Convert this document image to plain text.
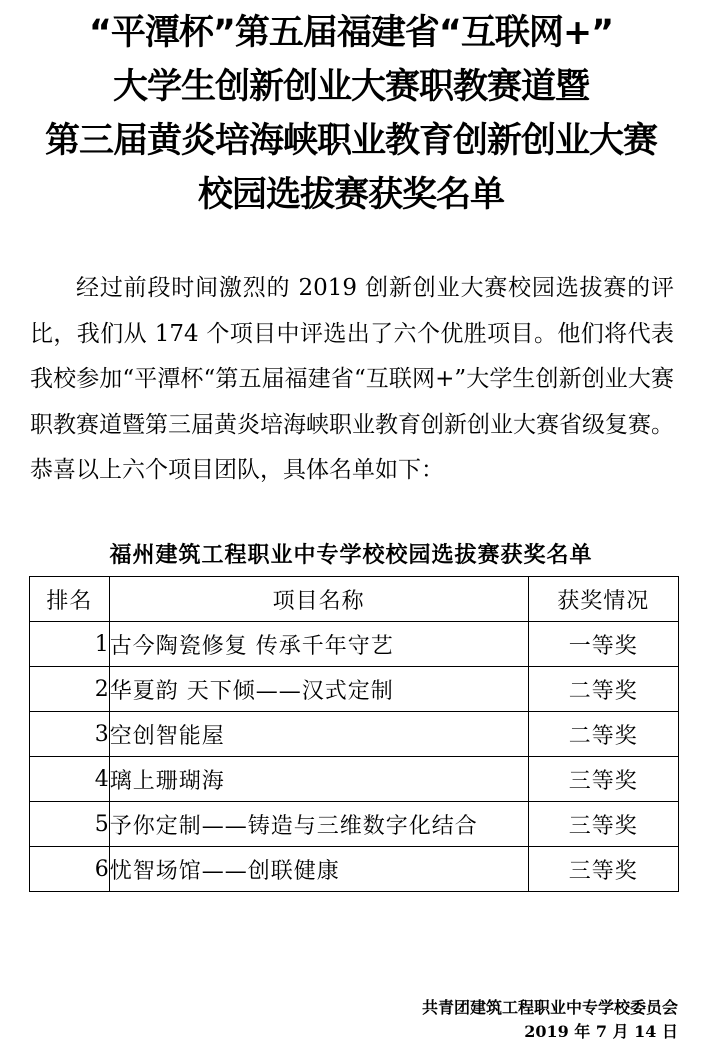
“平潭杯”第五届福建省“互联网+”
大学生创新创业大赛职教赛道暨
第三届黄炎培海峡职业教育创新创业大赛
校园选拔赛获奖名单

经过前段时间激烈的 2019 创新创业大赛校园选拔赛的评比，我们从 174 个项目中评选出了六个优胜项目。他们将代表我校参加“平潭杯“第五届福建省“互联网+”大学生创新创业大赛职教赛道暨第三届黄炎培海峡职业教育创新创业大赛省级复赛。恭喜以上六个项目团队，具体名单如下：

福州建筑工程职业中专学校校园选拔赛获奖名单
排名	项目名称	获奖情况
1	古今陶瓷修复 传承千年守艺	一等奖
2	华夏韵 天下倾——汉式定制	二等奖
3	空创智能屋	二等奖
4	璃上珊瑚海	三等奖
5	予你定制——铸造与三维数字化结合	三等奖
6	忧智场馆——创联健康	三等奖
共青团建筑工程职业中专学校委员会
2019 年 7 月 14 日
